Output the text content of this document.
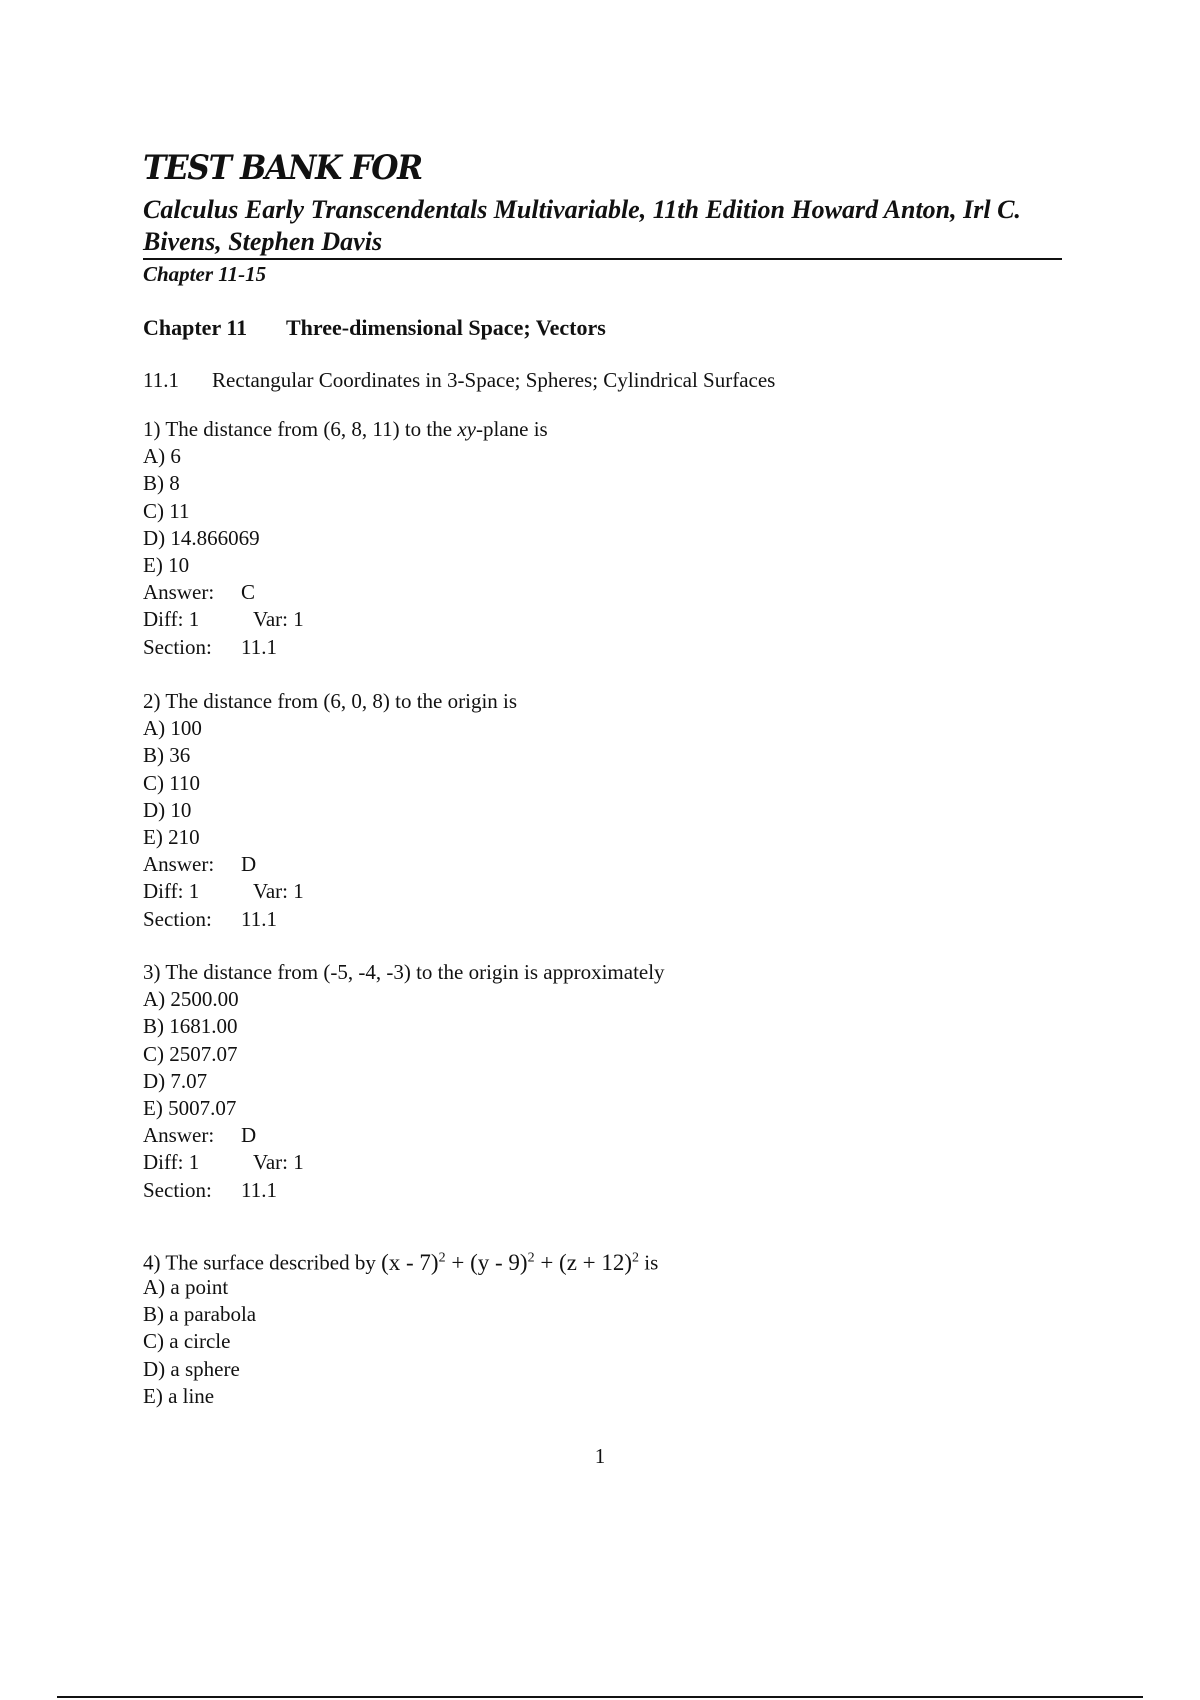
TEST BANK FOR
Calculus Early Transcendentals Multivariable, 11th Edition Howard Anton, Irl C. Bivens, Stephen Davis
Chapter 11-15
Chapter 11 Three-dimensional Space; Vectors
11.1 Rectangular Coordinates in 3-Space; Spheres; Cylindrical Surfaces
1) The distance from (6, 8, 11) to the xy-plane is
A) 6
B) 8
C) 11
D) 14.866069
E) 10
Answer: C
Diff: 1	Var: 1
Section: 11.1
2) The distance from (6, 0, 8) to the origin is
A) 100
B) 36
C) 110
D) 10
E) 210
Answer: D
Diff: 1	Var: 1
Section: 11.1
3) The distance from (-5, -4, -3) to the origin is approximately
A) 2500.00
B) 1681.00
C) 2507.07
D) 7.07
E) 5007.07
Answer: D
Diff: 1	Var: 1
Section: 11.1
4) The surface described by $(x - 7)^2 + (y - 9)^2 + (z + 12)^2$ is
A) a point
B) a parabola
C) a circle
D) a sphere
E) a line
1
